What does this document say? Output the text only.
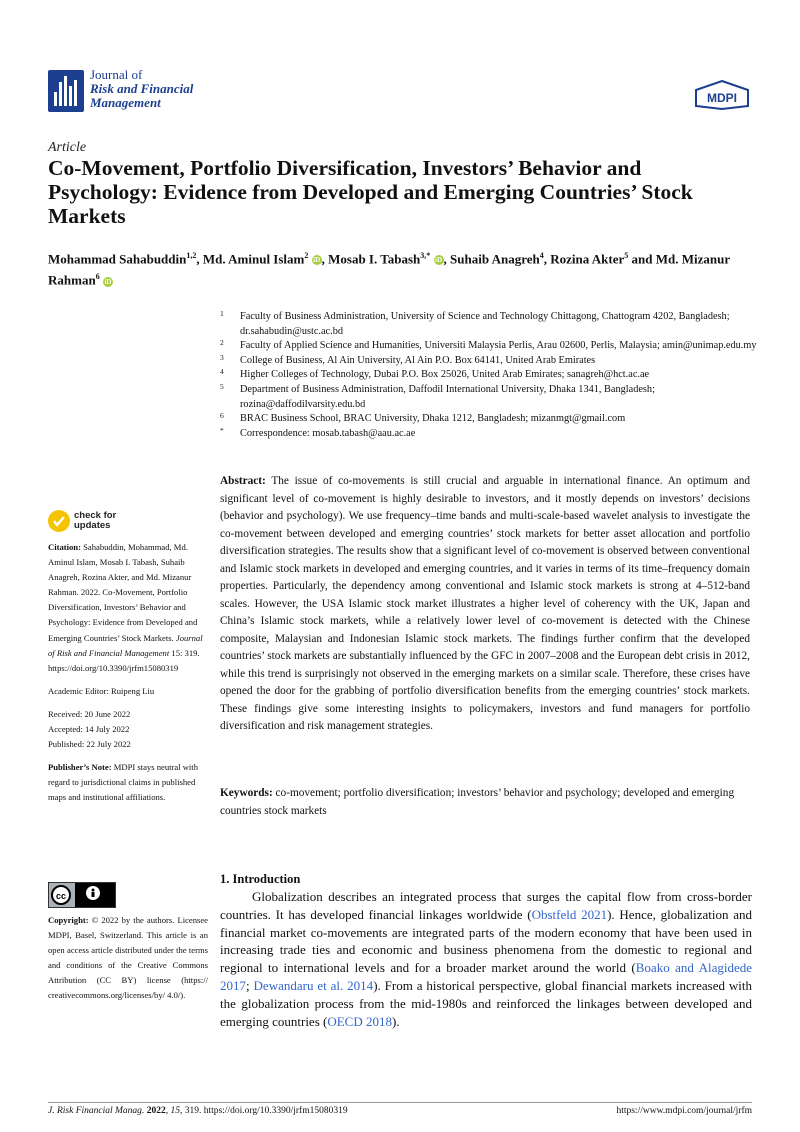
Journal of
Risk and Financial
Management	MDPI
Article
Co-Movement, Portfolio Diversification, Investors’ Behavior and Psychology: Evidence from Developed and Emerging Countries’ Stock Markets
Mohammad Sahabuddin$^{1,2}$, Md. Aminul Islam$^2$ iD , Mosab I. Tabash$^{3,*}$ iD , Suhaib Anagreh$^4$, Rozina Akter$^5$ and Md. Mizanur Rahman$^6$ iD
1 Faculty of Business Administration, University of Science and Technology Chittagong, Chattogram 4202, Bangladesh; dr.sahabudin@ustc.ac.bd
2 Faculty of Applied Science and Humanities, Universiti Malaysia Perlis, Arau 02600, Perlis, Malaysia; amin@unimap.edu.my
3 College of Business, Al Ain University, Al Ain P.O. Box 64141, United Arab Emirates
4 Higher Colleges of Technology, Dubai P.O. Box 25026, United Arab Emirates; sanagreh@hct.ac.ae
5 Department of Business Administration, Daffodil International University, Dhaka 1341, Bangladesh; rozina@daffodilvarsity.edu.bd
6 BRAC Business School, BRAC University, Dhaka 1212, Bangladesh; mizanmgt@gmail.com
* Correspondence: mosab.tabash@aau.ac.ae
Abstract: The issue of co-movements is still crucial and arguable in international finance. An optimum and significant level of co-movement is highly desirable to investors, and it mostly depends on investors’ decisions (behavior and psychology). We use frequency–time bands and multi-scale-based wavelet analysis to investigate the co-movement between developed and emerging countries’ stock markets for better asset allocation and portfolio diversification strategies. The results show that a significant level of co-movement is observed between conventional and Islamic stock markets in developed and emerging countries, and it varies in terms of its time–frequency domain properties. Particularly, the dependency among conventional and Islamic stock markets is strong at 4–512-band scales. However, the USA Islamic stock market illustrates a higher level of coherency with the UK, Japan and China’s Islamic stock markets, while a relatively lower level of co-movement is detected with the Chinese composite, Malaysian and Indonesian Islamic stock markets. The findings further confirm that the developed countries’ stock markets are substantially influenced by the GFC in 2007–2008 and the European debt crisis in 2012, while this trend is surprisingly not observed in the emerging markets on a similar scale. Therefore, these crises have opened the door for the grabbing of portfolio diversification benefits from the emerging countries’ stock markets. These findings give some interesting insights to policymakers, investors and fund managers for portfolio diversification and risk management strategies.
Keywords: co-movement; portfolio diversification; investors’ behavior and psychology; developed and emerging countries stock markets
check for
updates

Citation: Sahabuddin, Mohammad, Md. Aminul Islam, Mosab I. Tabash, Suhaib Anagreh, Rozina Akter, and Md. Mizanur Rahman. 2022. Co-Movement, Portfolio Diversification, Investors’ Behavior and Psychology: Evidence from Developed and Emerging Countries’ Stock Markets. Journal of Risk and Financial Management 15: 319. https://doi.org/10.3390/jrfm15080319

Academic Editor: Ruipeng Liu

Received: 20 June 2022
Accepted: 14 July 2022

Published: 22 July 2022

Publisher’s Note: MDPI stays neutral with regard to jurisdictional claims in published maps and institutional affiliations.

cc
Copyright: © 2022 by the authors. Licensee MDPI, Basel, Switzerland. This article is an open access article distributed under the terms and conditions of the Creative Commons Attribution (CC BY) license (https:// creativecommons.org/licenses/by/ 4.0/).
1. Introduction
Globalization describes an integrated process that surges the capital flow from cross-border countries. It has developed financial linkages worldwide (Obstfeld 2021). Hence, globalization and financial market co-movements are integrated parts of the modern economy that have been used in increasing trade ties and economic and business phenomena from the domestic to regional and regional to international levels and for a broader market around the world (Boako and Alagidede 2017; Dewandaru et al. 2014). From a historical perspective, global financial markets increased with the globalization process from the mid-1980s and reinforced the linkages between developed and emerging countries (OECD 2018).
J. Risk Financial Manag. 2022, 15, 319. https://doi.org/10.3390/jrfm15080319	https://www.mdpi.com/journal/jrfm
